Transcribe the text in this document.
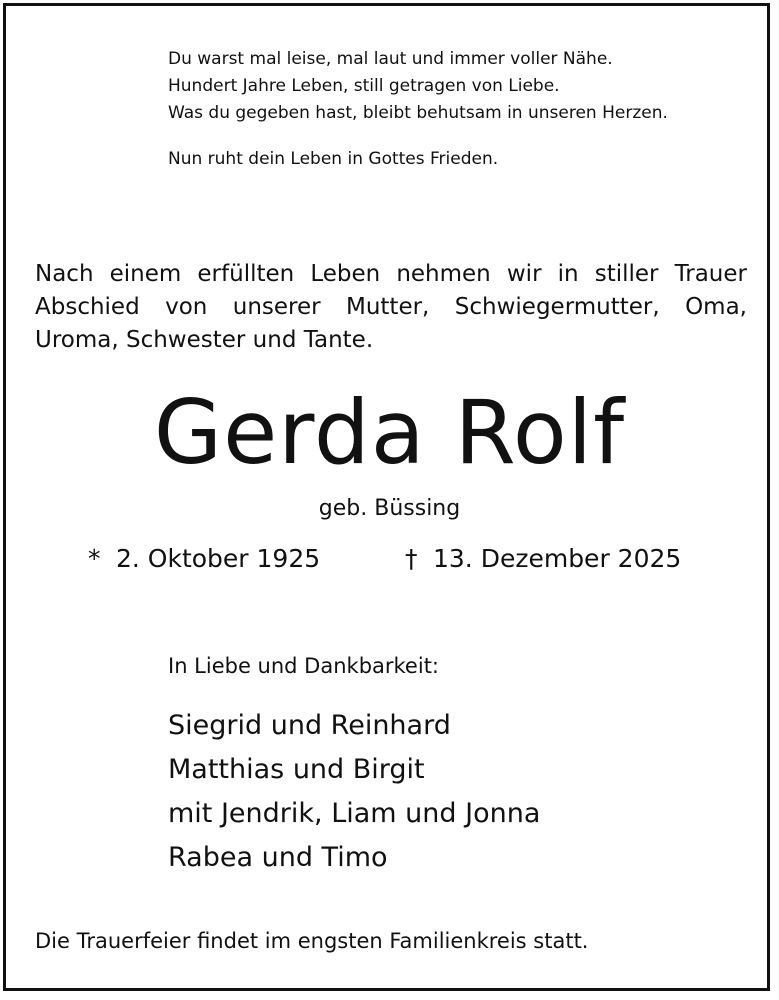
Du warst mal leise, mal laut und immer voller Nähe.
Hundert Jahre Leben, still getragen von Liebe.
Was du gegeben hast, bleibt behutsam in unseren Herzen.
Nun ruht dein Leben in Gottes Frieden.
Nach einem erfüllten Leben nehmen wir in stiller Trauer Abschied von unserer Mutter, Schwiegermutter, Oma, Uroma, Schwester und Tante.
Gerda Rolf
geb. Büssing
* 2. Oktober 1925	† 13. Dezember 2025
In Liebe und Dankbarkeit:
Siegrid und Reinhard
Matthias und Birgit
mit Jendrik, Liam und Jonna
Rabea und Timo
Die Trauerfeier findet im engsten Familienkreis statt.
